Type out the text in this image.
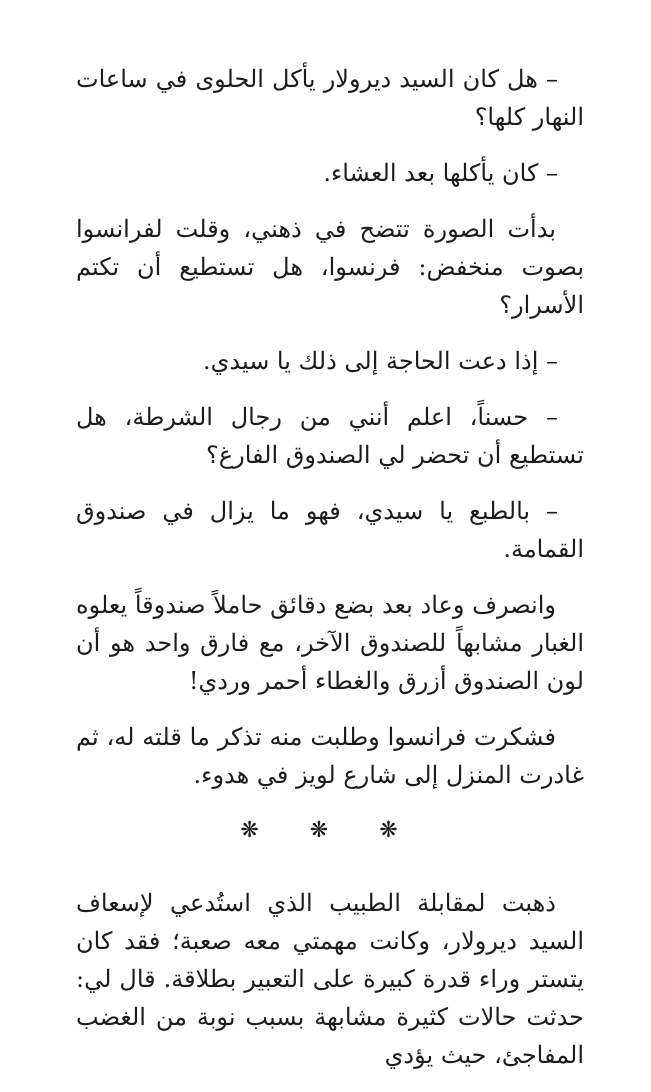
– هل كان السيد ديرولار يأكل الحلوى في ساعات النهار كلها؟

– كان يأكلها بعد العشاء.

بدأت الصورة تتضح في ذهني، وقلت لفرانسوا بصوت منخفض: فرنسوا، هل تستطيع أن تكتم الأسرار؟

– إذا دعت الحاجة إلى ذلك يا سيدي.

– حسناً، اعلم أنني من رجال الشرطة، هل تستطيع أن تحضر لي الصندوق الفارغ؟

– بالطبع يا سيدي، فهو ما يزال في صندوق القمامة.

وانصرف وعاد بعد بضع دقائق حاملاً صندوقاً يعلوه الغبار مشابهاً للصندوق الآخر، مع فارق واحد هو أن لون الصندوق أزرق والغطاء أحمر وردي!

فشكرت فرانسوا وطلبت منه تذكر ما قلته له، ثم غادرت المنزل إلى شارع لويز في هدوء.

❋ ❋ ❋

ذهبت لمقابلة الطبيب الذي استُدعي لإسعاف السيد ديرولار، وكانت مهمتي معه صعبة؛ فقد كان يتستر وراء قدرة كبيرة على التعبير بطلاقة. قال لي: حدثت حالات كثيرة مشابهة بسبب نوبة من الغضب المفاجئ، حيث يؤدي
